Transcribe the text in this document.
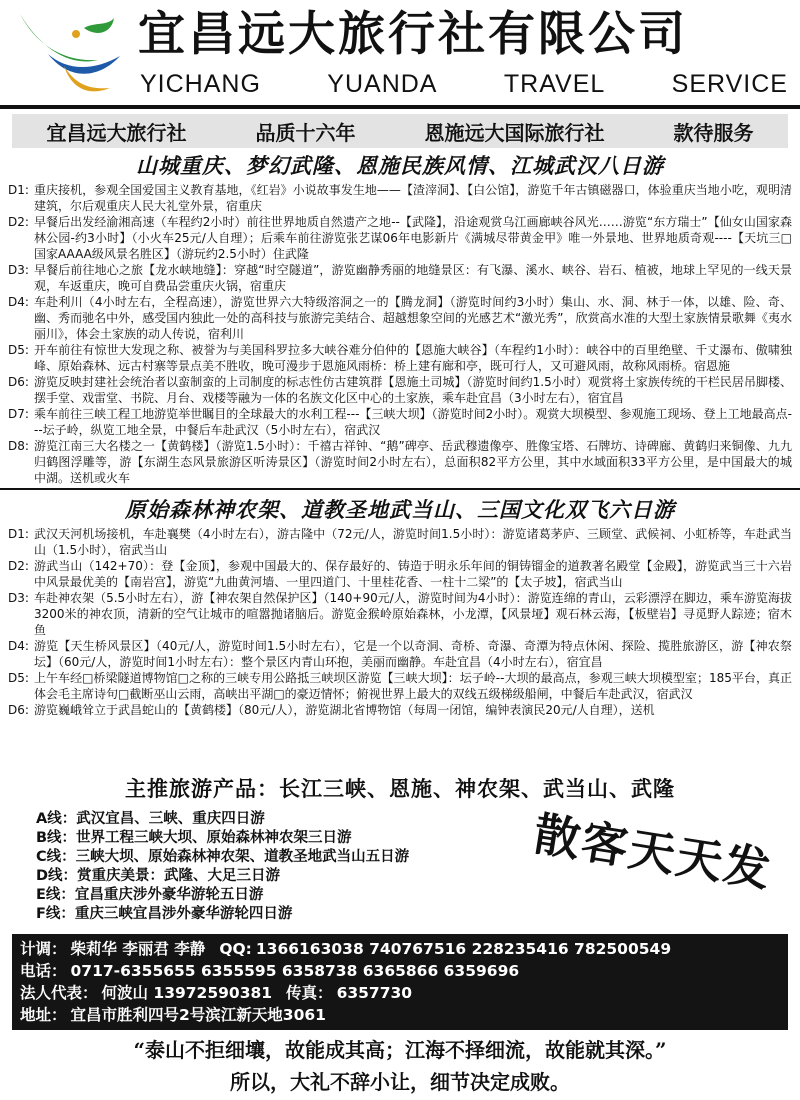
宜昌远大旅行社有限公司
YICHANG	YUANDA	TRAVEL	SERVICE
宜昌远大旅行社	品质十六年	恩施远大国际旅行社	款待服务
山城重庆、梦幻武隆、恩施民族风情、江城武汉八日游
D1: 重庆接机，参观全国爱国主义教育基地，《红岩》小说故事发生地——【渣滓洞】、【白公馆】，游览千年古镇磁器口，体验重庆当地小吃，观明清建筑，尔后观重庆人民大礼堂外景，宿重庆
D2: 早餐后出发经渝湘高速（车程约2小时）前往世界地质自然遗产之地--【武隆】，沿途观赏乌江画廊峡谷风光……游览“东方瑞士”【仙女山国家森林公园-约3小时】（小火车25元/人自理）；后乘车前往游览张艺谋06年电影新片《满城尽带黄金甲》唯一外景地、世界地质奇观----【天坑三□国家AAAA级风景名胜区】（游玩约2.5小时）住武隆
D3: 早餐后前往地心之旅【龙水峡地缝】：穿越“时空隧道”，游览幽静秀丽的地缝景区：有飞瀑、溪水、峡谷、岩石、植被，地球上罕见的一线天景观，车返重庆，晚可自费品尝重庆火锅，宿重庆
D4: 车赴利川（4小时左右，全程高速），游览世界六大特级溶洞之一的【腾龙洞】（游览时间约3小时）集山、水、洞、林于一体，以雄、险、奇、幽、秀而驰名中外，感受国内独此一处的高科技与旅游完美结合、超越想象空间的光感艺术“激光秀”，欣赏高水准的大型土家族情景歌舞《夷水丽川》，体会土家族的动人传说，宿利川
D5: 开车前往有惊世大发现之称、被誉为与美国科罗拉多大峡谷难分伯仲的【恩施大峡谷】（车程约1小时）：峡谷中的百里绝壁、千丈瀑布、傲啸独峰、原始森林、远古村寨等景点美不胜收，晚可漫步于恩施风雨桥：桥上建有廊和亭，既可行人，又可避风雨，故称风雨桥。宿恩施
D6: 游览反映封建社会统治者以蛮制蛮的上司制度的标志性仿古建筑群【恩施土司城】（游览时间约1.5小时）观赏将土家族传统的干栏民居吊脚楼、摆手堂、戏雷堂、书院、月台、戏楼等融为一体的名族文化区中心的土家族，乘车赴宜昌（3小时左右），宿宜昌
D7: 乘车前往三峡工程工地游览举世瞩目的全球最大的水利工程---【三峡大坝】（游览时间2小时）。观赏大坝模型、参观施工现场、登上工地最高点---坛子岭，纵览工地全景，中餐后车赴武汉（5小时左右），宿武汉
D8: 游览江南三大名楼之一【黄鹤楼】（游览1.5小时）：千禧古祥钟、“鹅”碑亭、岳武穆遗像亭、胜像宝塔、石牌坊、诗碑廊、黄鹤归来铜像、九九归鹤图浮雕等，游【东湖生态风景旅游区听涛景区】（游览时间2小时左右），总面积82平方公里，其中水域面积33平方公里，是中国最大的城中湖。送机或火车
原始森林神农架、道教圣地武当山、三国文化双飞六日游
D1: 武汉天河机场接机，车赴襄樊（4小时左右），游古隆中（72元/人，游览时间1.5小时）：游览诸葛茅庐、三顾堂、武候祠、小虹桥等，车赴武当山（1.5小时），宿武当山
D2: 游武当山（142+70）：登【金顶】，参观中国最大的、保存最好的、铸造于明永乐年间的铜铸镏金的道教著名殿堂【金殿】，游览武当三十六岩中风景最优美的【南岩宫】，游览“九曲黄河墙、一里四道门、十里桂花香、一柱十二梁”的【太子坡】，宿武当山
D3: 车赴神农架（5.5小时左右），游【神农架自然保护区】（140+90元/人，游览时间为4小时）：游览连绵的青山，云彩漂浮在脚边，乘车游览海拔3200米的神农顶，清新的空气让城市的喧嚣抛诸脑后。游览金猴岭原始森林，小龙潭，【风景垭】观石林云海，【板壁岩】寻觅野人踪迹；宿木鱼
D4: 游览【天生桥风景区】（40元/人，游览时间1.5小时左右），它是一个以奇洞、奇桥、奇瀑、奇潭为特点休闲、探险、揽胜旅游区，游【神农祭坛】（60元/人，游览时间1小时左右）：整个景区内青山环抱，美丽而幽静。车赴宜昌（4小时左右），宿宜昌
D5: 上午车经□桥梁隧道博物馆□之称的三峡专用公路抵三峡坝区游览【三峡大坝】：坛子岭--大坝的最高点，参观三峡大坝模型室；185平台，真正体会毛主席诗句□截断巫山云雨，高峡出平湖□的豪迈情怀；俯视世界上最大的双线五级梯级船闸，中餐后车赴武汉，宿武汉
D6: 游览巍峨耸立于武昌蛇山的【黄鹤楼】（80元/人），游览湖北省博物馆（每周一闭馆，编钟表演民20元/人自理），送机
主推旅游产品：长江三峡、恩施、神农架、武当山、武隆
A线：武汉宜昌、三峡、重庆四日游
B线：世界工程三峡大坝、原始森林神农架三日游
C线：三峡大坝、原始森林神农架、道教圣地武当山五日游
D线：赏重庆美景：武隆、大足三日游
E线：宜昌重庆涉外豪华游轮五日游
F线：重庆三峡宜昌涉外豪华游轮四日游
散客天天发
计调： 柴莉华 李丽君 李静 QQ: 1366163038 740767516 228235416 782500549
电话： 0717-6355655 6355595 6358738 6365866 6359696
法人代表： 何波山 13972590381 传真： 6357730
地址： 宜昌市胜利四号2号滨江新天地3061
“泰山不拒细壤，故能成其高；江海不择细流，故能就其深。”
所以，大礼不辞小让，细节决定成败。
